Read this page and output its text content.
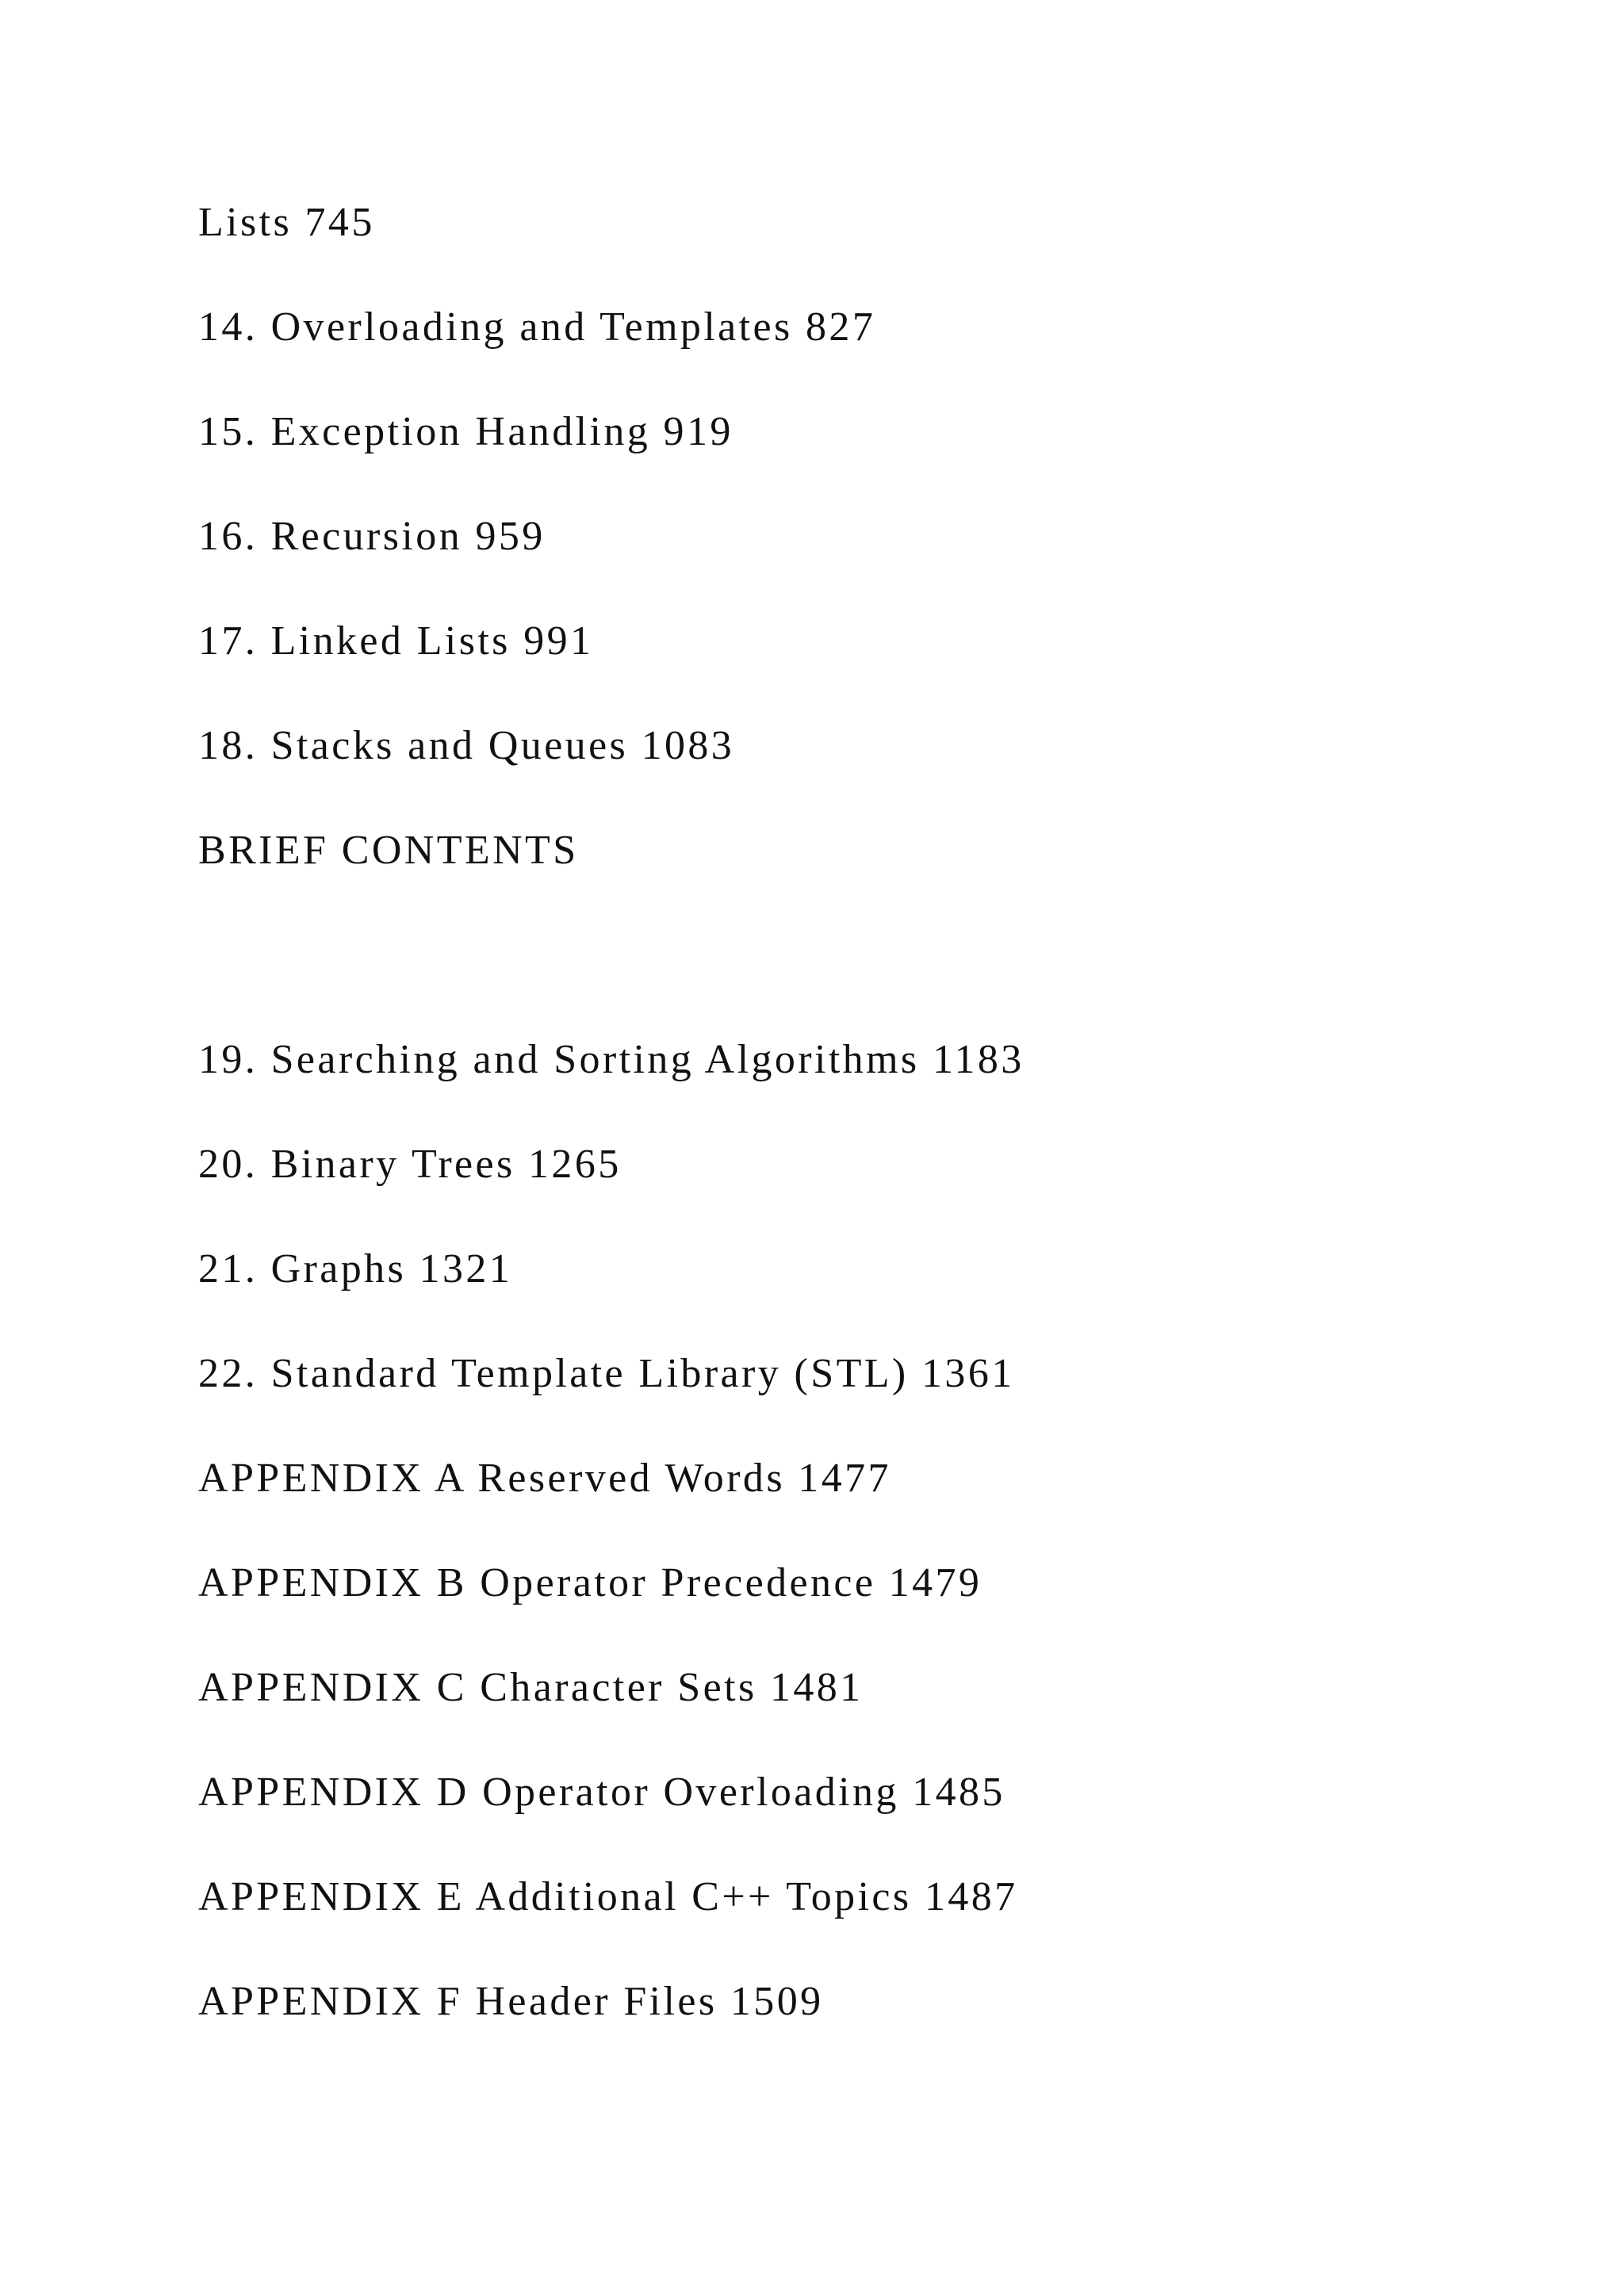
Lists 745

14. Overloading and Templates 827

15. Exception Handling 919

16. Recursion 959

17. Linked Lists 991

18. Stacks and Queues 1083

BRIEF CONTENTS

19. Searching and Sorting Algorithms 1183

20. Binary Trees 1265

21. Graphs 1321

22. Standard Template Library (STL) 1361

APPENDIX A Reserved Words 1477

APPENDIX B Operator Precedence 1479

APPENDIX C Character Sets 1481

APPENDIX D Operator Overloading 1485

APPENDIX E Additional C++ Topics 1487

APPENDIX F Header Files 1509
